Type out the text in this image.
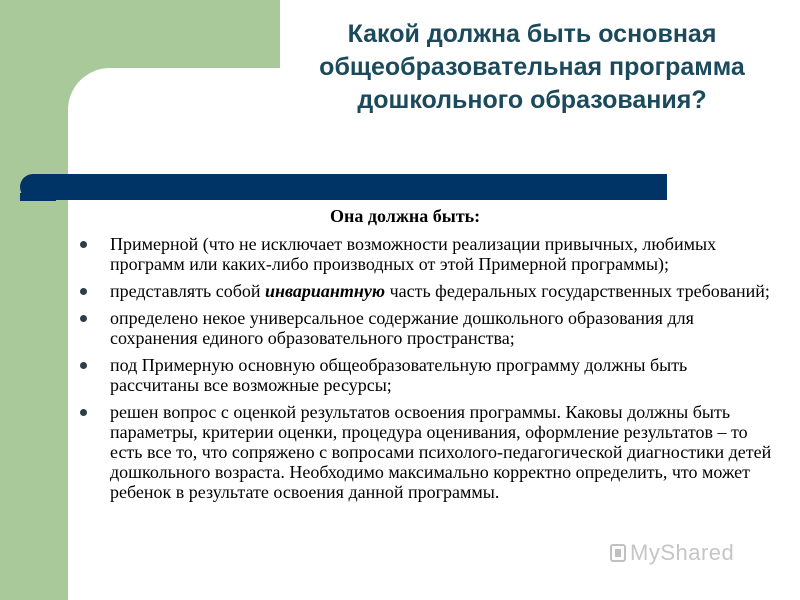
Какой должна быть основная
общеобразовательная программа
дошкольного образования?
Она должна быть:
Примерной (что не исключает возможности реализации привычных, любимых программ или каких-либо производных от этой Примерной программы);
представлять собой инвариантную часть федеральных государственных требований;
определено некое универсальное содержание дошкольного образования для сохранения единого образовательного пространства;
под Примерную основную общеобразовательную программу должны быть рассчитаны все возможные ресурсы;
решен вопрос с оценкой результатов освоения программы. Каковы должны быть параметры, критерии оценки, процедура оценивания, оформление результатов – то есть все то, что сопряжено с вопросами психолого-педагогической диагностики детей дошкольного возраста. Необходимо максимально корректно определить, что может ребенок в результате освоения данной программы.
MyShared
